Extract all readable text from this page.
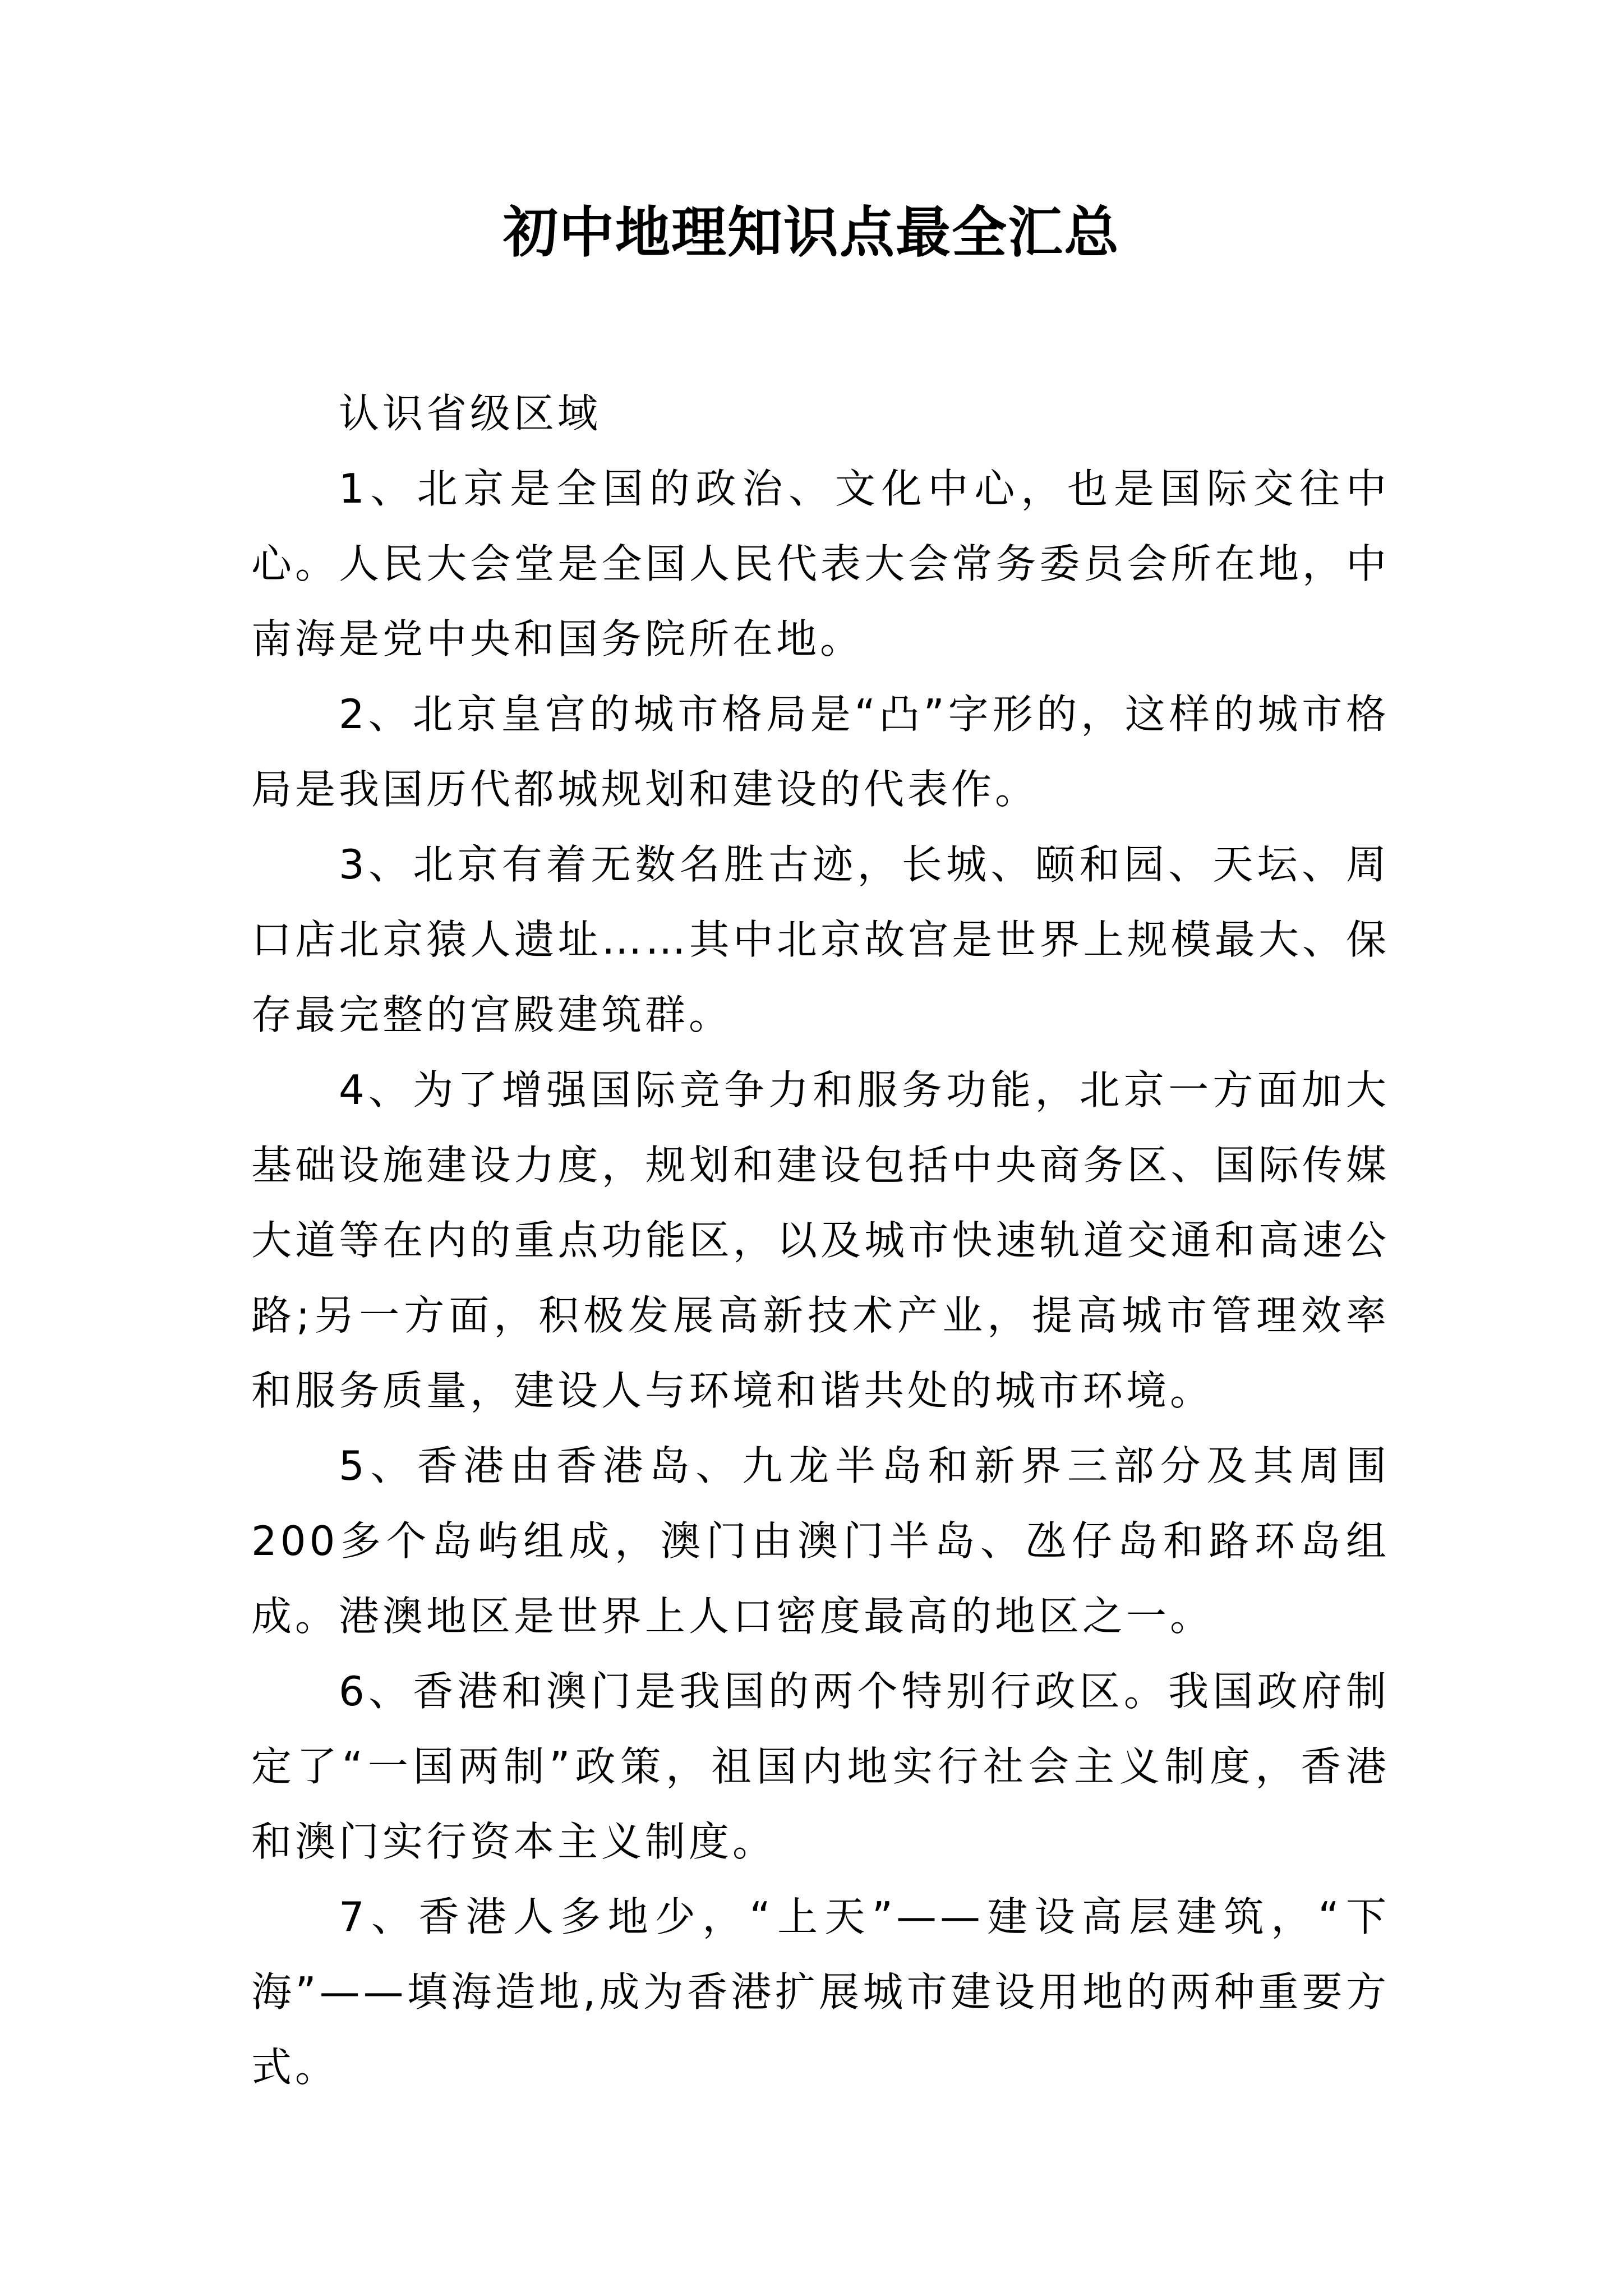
初中地理知识点最全汇总

认识省级区域

1、北京是全国的政治、文化中心，也是国际交往中心。人民大会堂是全国人民代表大会常务委员会所在地，中南海是党中央和国务院所在地。

2、北京皇宫的城市格局是“凸”字形的，这样的城市格局是我国历代都城规划和建设的代表作。

3、北京有着无数名胜古迹，长城、颐和园、天坛、周口店北京猿人遗址……其中北京故宫是世界上规模最大、保存最完整的宫殿建筑群。

4、为了增强国际竞争力和服务功能，北京一方面加大基础设施建设力度，规划和建设包括中央商务区、国际传媒大道等在内的重点功能区，以及城市快速轨道交通和高速公路;另一方面，积极发展高新技术产业，提高城市管理效率和服务质量，建设人与环境和谐共处的城市环境。

5、香港由香港岛、九龙半岛和新界三部分及其周围200多个岛屿组成，澳门由澳门半岛、氹仔岛和路环岛组成。港澳地区是世界上人口密度最高的地区之一。

6、香港和澳门是我国的两个特别行政区。我国政府制定了“一国两制”政策，祖国内地实行社会主义制度，香港和澳门实行资本主义制度。

7、香港人多地少，“上天”——建设高层建筑，“下海”——填海造地,成为香港扩展城市建设用地的两种重要方式。
